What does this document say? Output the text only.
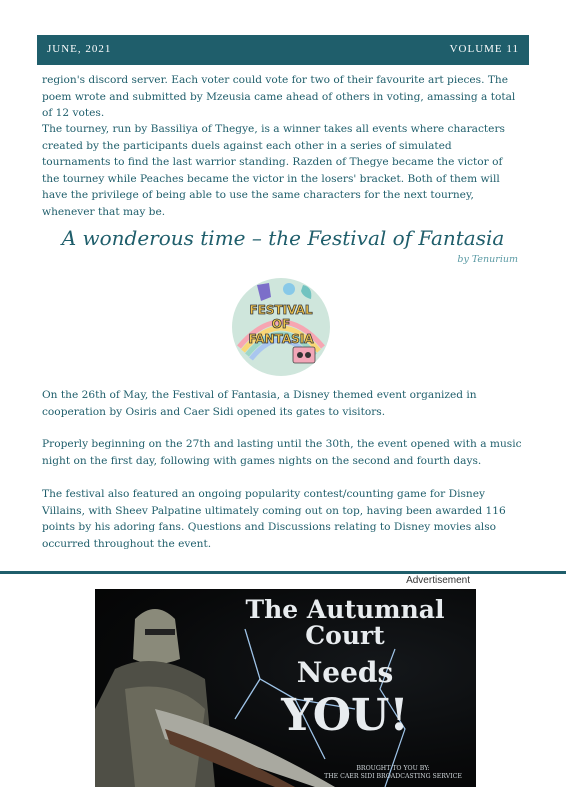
JUNE, 2021	VOLUME 11

region's discord server. Each voter could vote for two of their favourite art pieces. The poem wrote and submitted by Mzeusia came ahead of others in voting, amassing a total of 12 votes.

The tourney, run by Bassiliya of Thegye, is a winner takes all events where characters created by the participants duels against each other in a series of simulated tournaments to find the last warrior standing. Razden of Thegye became the victor of the tourney while Peaches became the victor in the losers' bracket. Both of them will have the privilege of being able to use the same characters for the next tourney, whenever that may be.

A wonderous time – the Festival of Fantasia
by Tenurium
FESTIVAL
OF
FANTASIA

On the 26th of May, the Festival of Fantasia, a Disney themed event organized in cooperation by Osiris and Caer Sidi opened its gates to visitors.

Properly beginning on the 27th and lasting until the 30th, the event opened with a music night on the first day, following with games nights on the second and fourth days.

The festival also featured an ongoing popularity contest/counting game for Disney Villains, with Sheev Palpatine ultimately coming out on top, having been awarded 116 points by his adoring fans. Questions and Discussions relating to Disney movies also occurred throughout the event.

Advertisement
The Autumnal Court
Needs
YOU!
BROUGHT TO YOU BY:
THE CAER SIDI BROADCASTING SERVICE
